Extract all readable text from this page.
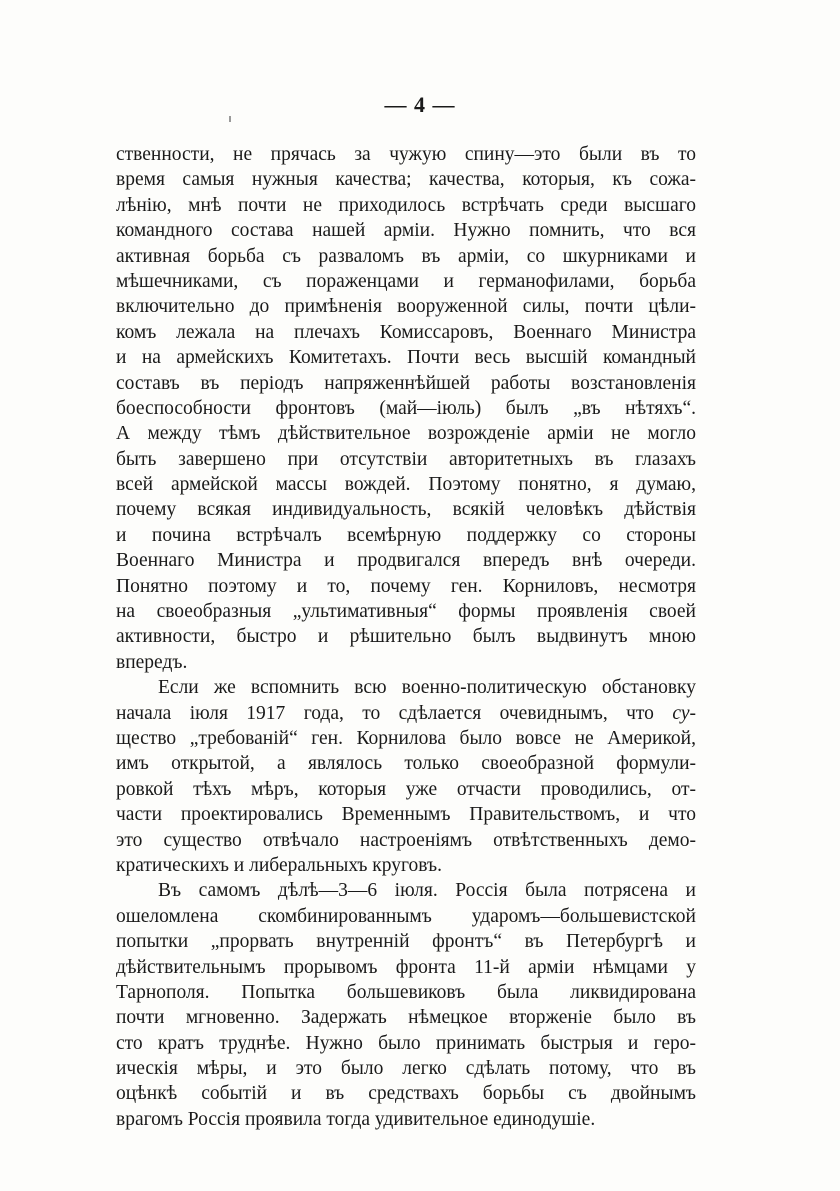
— 4 —
ственности, не прячась за чужую спину—это были въ то
время самыя нужныя качества; качества, которыя, къ сожа-
лѣнію, мнѣ почти не приходилось встрѣчать среди высшаго
командного состава нашей арміи. Нужно помнить, что вся
активная борьба съ разваломъ въ арміи, со шкурниками и
мѣшечниками, съ пораженцами и германофилами, борьба
включительно до примѣненія вооруженной силы, почти цѣли-
комъ лежала на плечахъ Комиссаровъ, Военнаго Министра
и на армейскихъ Комитетахъ. Почти весь высшій командный
составъ въ періодъ напряженнѣйшей работы возстановленія
боеспособности фронтовъ (май—іюль) былъ „въ нѣтяхъ“.
А между тѣмъ дѣйствительное возрожденіе арміи не могло
быть завершено при отсутствіи авторитетныхъ въ глазахъ
всей армейской массы вождей. Поэтому понятно, я думаю,
почему всякая индивидуальность, всякій человѣкъ дѣйствія
и почина встрѣчалъ всемѣрную поддержку со стороны
Военнаго Министра и продвигался впередъ внѣ очереди.
Понятно поэтому и то, почему ген. Корниловъ, несмотря
на своеобразныя „ультимативныя“ формы проявленія своей
активности, быстро и рѣшительно былъ выдвинутъ мною
впередъ.
Если же вспомнить всю военно-политическую обстановку
начала іюля 1917 года, то сдѣлается очевиднымъ, что су-
щество „требованій“ ген. Корнилова было вовсе не Америкой,
имъ открытой, а являлось только своеобразной формули-
ровкой тѣхъ мѣръ, которыя уже отчасти проводились, от-
части проектировались Временнымъ Правительствомъ, и что
это существо отвѣчало настроеніямъ отвѣтственныхъ демо-
кратическихъ и либеральныхъ круговъ.
Въ самомъ дѣлѣ—3—6 іюля. Россія была потрясена и
ошеломлена скомбинированнымъ ударомъ—большевистской
попытки „прорвать внутренній фронтъ“ въ Петербургѣ и
дѣйствительнымъ прорывомъ фронта 11-й арміи нѣмцами у
Тарнополя. Попытка большевиковъ была ликвидирована
почти мгновенно. Задержать нѣмецкое вторженіе было въ
сто кратъ труднѣе. Нужно было принимать быстрыя и геро-
ическія мѣры, и это было легко сдѣлать потому, что въ
оцѣнкѣ событій и въ средствахъ борьбы съ двойнымъ
врагомъ Россія проявила тогда удивительное единодушіе.
